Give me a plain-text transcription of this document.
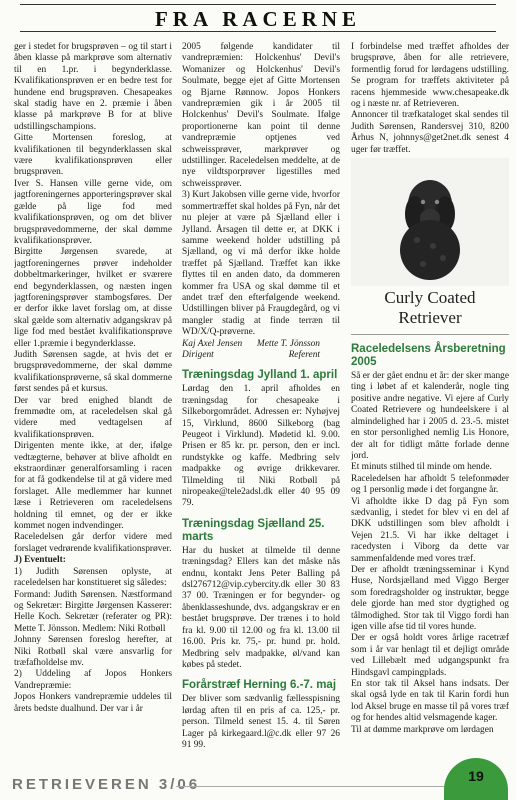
FRA RACERNE

ger i stedet for brugsprøven – og til start i åben klasse på markprøve som alternativ til en 1.pr. i begynderklasse. Kvalifikationsprøven er en bedre test for hundene end brugsprøven. Chesapeakes skal stadig have en 2. præmie i åben klasse på markprøve B for at blive udstillingschampions.

Gitte Mortensen foreslog, at kvalifikationen til begynderklassen skal være kvalifikationsprøven eller brugsprøven.

Iver S. Hansen ville gerne vide, om jagtforeningernes apporteringsprøver skal gælde på lige fod med kvalifikationsprøven, og om det bliver brugsprøvedommerne, der skal dømme kvalifikationsprøver.

Birgitte Jørgensen svarede, at jagtforeningernes prøver indeholder dobbeltmarkeringer, hvilket er sværere end begynderklassen, og næsten ingen jagtforeningsprøver stambogsføres. Der er derfor ikke lavet forslag om, at disse skal gælde som alternativ adgangskrav på lige fod med bestået kvalifikationsprøve eller 1.præmie i begynderklasse.

Judith Sørensen sagde, at hvis det er brugsprøvedommerne, der skal dømme kvalifikationsprøverne, så skal dommerne først sendes på et kursus.

Der var bred enighed blandt de fremmødte om, at raceledelsen skal gå videre med vedtagelsen af kvalifikationsprøven.

Dirigenten mente ikke, at der, ifølge vedtægterne, behøver at blive afholdt en ekstraordinær generalforsamling i racen for at få godkendelse til at gå videre med forslaget. Alle medlemmer har kunnet læse i Retrieveren om raceledelsens holdning til emnet, og der er ikke kommet nogen indvendinger.

Raceledelsen går derfor videre med forslaget vedrørende kvalifikationsprøver.

J) Eventuelt:

1) Judith Sørensen oplyste, at raceledelsen har konstitueret sig således:

Formand: Judith Sørensen. Næstformand og Sekretær: Birgitte Jørgensen Kasserer: Helle Koch. Sekretær (referater og PR): Mette T. Jönsson. Medlem: Niki Rotbøll

Johnny Sørensen foreslog herefter, at Niki Rotbøll skal være ansvarlig for træfafholdelse mv.

2) Uddeling af Jopos Honkers Vandrepræmie:

Jopos Honkers vandrepræmie uddeles til årets bedste dualhund. Der var i år

2005 følgende kandidater til vandrepræmien: Holckenhus' Devil's Womanizer og Holckenhus' Devil's Soulmate, begge ejet af Gitte Mortensen og Bjarne Rønnow. Jopos Honkers vandrepræmien gik i år 2005 til Holckenhus' Devil's Soulmate. Ifølge proportionerne kan point til denne vandrepræmie optjenes ved schweissprøver, markprøver og udstillinger. Raceledelsen meddelte, at de nye vildtsporprøver ligestilles med schweissprøver.

3) Kurt Jakobsen ville gerne vide, hvorfor sommertræffet skal holdes på Fyn, når det nu plejer at være på Sjælland eller i Jylland. Årsagen til dette er, at DKK i samme weekend holder udstilling på Sjælland, og vi må derfor ikke holde træffet på Sjælland. Træffet kan ikke flyttes til en anden dato, da dommeren kommer fra USA og skal dømme til et andet træf den efterfølgende weekend. Udstillingen bliver på Fraugdegård, og vi mangler stadig at finde terræn til WD/X/Q-prøverne.

Kaj Axel Jensen Mette T. Jönsson
Dirigent	Referent
Træningsdag Jylland 1. april

Lørdag den 1. april afholdes en træningsdag for chesapeake i Silkeborgområdet. Adressen er: Nyhøjvej 15, Virklund, 8600 Silkeborg (bag Peugeot i Virklund). Mødetid kl. 9.00. Prisen er 85 kr. pr. person, den er incl. rundstykke og kaffe. Medbring selv madpakke og øvrige drikkevarer. Tilmelding til Niki Rotbøll på niropeake@tele2adsl.dk eller 40 95 09 79.

Træningsdag Sjælland 25. marts

Har du husket at tilmelde til denne træningsdag? Ellers kan det måske nås endnu, kontakt Jens Peter Balling på dsl276712@vip.cybercity.dk eller 30 83 37 00. Træningen er for begynder- og åbenklasseshunde, dvs. adgangskrav er en bestået brugsprøve. Der trænes i to hold fra kl. 9.00 til 12.00 og fra kl. 13.00 til 16.00. Pris kr. 75,- pr. hund pr. hold. Medbring selv madpakke, øl/vand kan købes på stedet.

Forårstræf Herning 6.-7. maj

Der bliver som sædvanlig fællesspisning lørdag aften til en pris af ca. 125,- pr. person. Tilmeld senest 15. 4. til Søren Lager på kirkegaard.l@c.dk eller 97 26 91 99.

I forbindelse med træffet afholdes der brugsprøve, åben for alle retrievere, formentlig forud for lørdagens udstilling. Se program for træffets aktiviteter på racens hjemmeside www.chesapeake.dk og i næste nr. af Retrieveren.

Annoncer til træfkataloget skal sendes til Judith Sørensen, Randersvej 310, 8200 Århus N, johnnys@get2net.dk senest 4 uger før træffet.

Curly Coated Retriever
Raceledelsens Årsberetning 2005

Så er der gået endnu et år: der sker mange ting i løbet af et kalenderår, nogle ting positive andre negative. Vi ejere af Curly Coated Retrievere og hundeelskere i al almindelighed har i 2005 d. 23.-5. mistet en stor personlighed nemlig Lis Honore, der alt for tidligt måtte forlade denne jord.

Et minuts stilhed til minde om hende.

Raceledelsen har afholdt 5 telefonmøder og 1 personlig møde i det forgangne år.

Vi afholdte ikke D dag på Fyn som sædvanlig, i stedet for blev vi en del af DKK udstillingen som blev afholdt i Vejen 21.5. Vi har ikke deltaget i racedysten i Viborg da dette var sammenfaldende med vores træf.

Der er afholdt træningsseminar i Kynd Huse, Nordsjælland med Viggo Berger som foredragsholder og instruktør, begge dele gjorde han med stor dygtighed og tålmodighed. Stor tak til Viggo fordi han igen ville afse tid til vores hunde.

Der er også holdt vores årlige racetræf som i år var henlagt til et dejligt område ved Lillebælt med udgangspunkt fra Hindsgavl campingplads.

En stor tak til Aksel hans indsats. Der skal også lyde en tak til Karin fordi hun lod Aksel bruge en masse til på vores træf og for hendes altid velsmagende kager.

Til at dømme markprøve om lørdagen

RETRIEVEREN 3/06	19
